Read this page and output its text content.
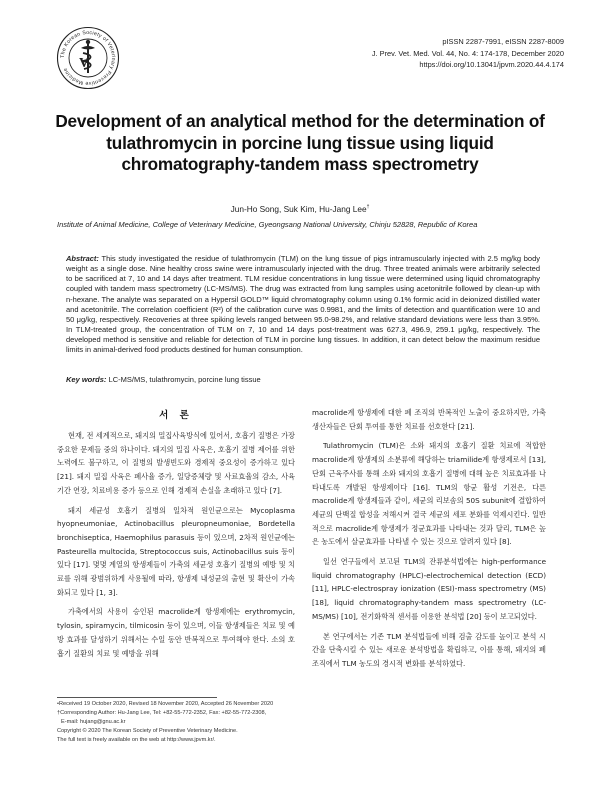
The Korean Society of Veterinary Preventive Medicine V
pISSN 2287-7991, eISSN 2287-8009
J. Prev. Vet. Med. Vol. 44, No. 4: 174-178, December 2020
https://doi.org/10.13041/jpvm.2020.44.4.174
Development of an analytical method for the determination of
tulathromycin in porcine lung tissue using liquid
chromatography-tandem mass spectrometry
Jun-Ho Song, Suk Kim, Hu-Jang Lee†
Institute of Animal Medicine, College of Veterinary Medicine, Gyeongsang National University, Chinju 52828, Republic of Korea
Abstract: This study investigated the residue of tulathromycin (TLM) on the lung tissue of pigs intramuscularly injected with 2.5 mg/kg body weight as a single dose. Nine healthy cross swine were intramuscularly injected with the drug. Three treated animals were arbitrarily selected to be sacrificed at 7, 10 and 14 days after treatment. TLM residue concentrations in lung tissue were determined using liquid chromatography coupled with tandem mass spectrometry (LC-MS/MS). The drug was extracted from lung samples using acetonitrile followed by clean-up with n-hexane. The analyte was separated on a Hypersil GOLD™ liquid chromatography column using 0.1% formic acid in deionized distilled water and acetonitrile. The correlation coefficient (R²) of the calibration curve was 0.9981, and the limits of detection and quantification were 10 and 50 μg/kg, respectively. Recoveries at three spiking levels ranged between 95.0-98.2%, and relative standard deviations were less than 3.95%. In TLM-treated group, the concentration of TLM on 7, 10 and 14 days post-treatment was 627.3, 496.9, 259.1 μg/kg, respectively. The developed method is sensitive and reliable for detection of TLM in porcine lung tissues. In addition, it can detect below the maximum residue limits in animal-derived food products destined for human consumption.
Key words: LC-MS/MS, tulathromycin, porcine lung tissue
서 론

현재, 전 세계적으로, 돼지의 밀집사육방식에 있어서, 호흡기 질병은 가장 중요한 문제들 중의 하나이다. 돼지의 밀집 사육은, 호흡기 질병 제어를 위한 노력에도 불구하고, 이 질병의 발생빈도와 경제적 중요성이 증가하고 있다 [21]. 돼지 밀집 사육은 폐사율 증가, 일당증체량 및 사료효율의 감소, 사육기간 연장, 치료비용 증가 등으로 인해 경제적 손실을 초래하고 있다 [7].

돼지 세균성 호흡기 질병의 일차적 원인균으로는 Mycoplasma hyopneumoniae, Actinobacillus pleuropneumoniae, Bordetella bronchiseptica, Haemophilus parasuis 등이 있으며, 2차적 원인균에는 Pasteurella multocida, Streptococcus suis, Actinobacillus suis 등이 있다 [17]. 몇몇 계열의 항생제들이 가축의 세균성 호흡기 질병의 예방 및 치료를 위해 광범위하게 사용될에 따라, 항생제 내성균의 출현 및 확산이 가속화되고 있다 [1, 3].

가축에서의 사용이 승인된 macrolide계 항생제에는 erythromycin, tylosin, spiramycin, tilmicosin 등이 있으며, 이들 항생제들은 치료 및 예방 효과를 달성하기 위해서는 수일 동안 반복적으로 투여해야 한다. 소의 호흡기 질환의 치료 및 예방을 위해

macrolide계 항생제에 대한 폐 조직의 반복적인 노출이 중요하지만, 가축생산자들은 단회 투여를 통한 치료를 선호한다 [21].

Tulathromycin (TLM)은 소와 돼지의 호흡기 질환 치료에 적합한 macrolide계 항생제의 소분류에 해당하는 triamilide계 항생제로서 [13], 단회 근육주사를 통해 소와 돼지의 호흡기 질병에 대해 높은 치료효과를 나타내도록 개발된 항생제이다 [16]. TLM의 항균 활성 기전은, 다른 macrolide계 항생제들과 같이, 세균의 리보솜의 50S subunit에 결합하여 세균의 단백질 합성을 저해시켜 결국 세균의 세포 분화를 억제시킨다. 일반적으로 macrolide계 항생제가 정균효과를 나타내는 것과 달리, TLM은 높은 농도에서 살균효과를 나타낼 수 있는 것으로 알려져 있다 [8].

일선 연구들에서 보고된 TLM의 잔류분석법에는 high-performance liquid chromatography (HPLC)-electrochemical detection (ECD) [11], HPLC-electrospray ionization (ESI)-mass spectrometry (MS) [18], liquid chromatography-tandem mass spectrometry (LC-MS/MS) [10], 전기화학적 센서를 이용한 분석법 [20] 등이 보고되었다.

본 연구에서는 기존 TLM 분석법들에 비해 검출 감도를 높이고 분석 시간을 단축시킬 수 있는 새로운 분석방법을 확립하고, 이를 통해, 돼지의 폐 조직에서 TLM 농도의 경시적 변화를 분석하였다.

•Received 19 October 2020, Revised 18 November 2020, Accepted 26 November 2020
†Corresponding Author: Hu-Jang Lee, Tel: +82-55-772-2352, Fax: +82-55-772-2308,
E-mail: hujang@gnu.ac.kr
Copyright © 2020 The Korean Society of Preventive Veterinary Medicine.
The full text is freely available on the web at http://www.jpvm.kr/.
